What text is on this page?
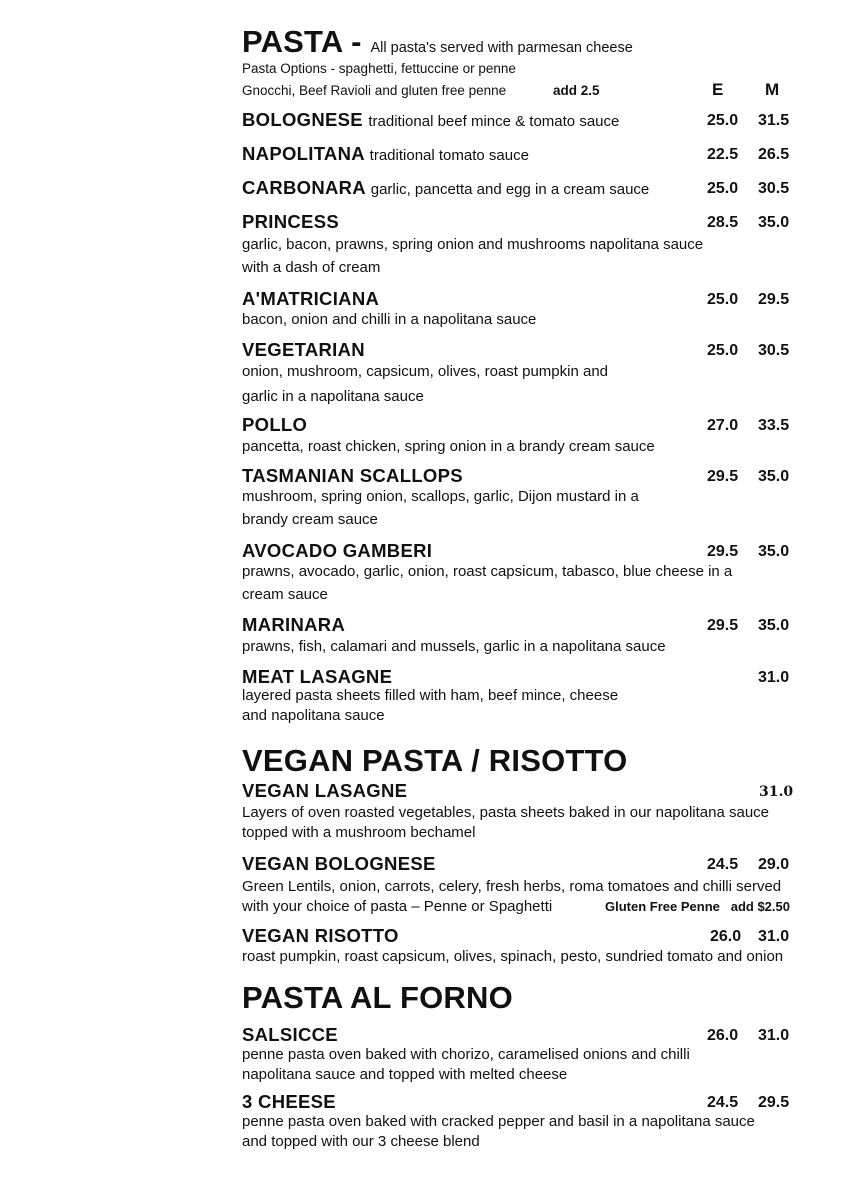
PASTA - All pasta's served with parmesan cheese
Pasta Options - spaghetti, fettuccine or penne
Gnocchi, Beef Ravioli and gluten free penne	add 2.5	E M
BOLOGNESE traditional beef mince & tomato sauce	25.0 31.5
NAPOLITANA traditional tomato sauce	22.5 26.5
CARBONARA garlic, pancetta and egg in a cream sauce	25.0 30.5
PRINCESS	28.5 35.0
garlic, bacon, prawns, spring onion and mushrooms napolitana sauce
with a dash of cream
A'MATRICIANA	25.0 29.5
bacon, onion and chilli in a napolitana sauce
VEGETARIAN	25.0 30.5
onion, mushroom, capsicum, olives, roast pumpkin and
garlic in a napolitana sauce
POLLO	27.0 33.5
pancetta, roast chicken, spring onion in a brandy cream sauce
TASMANIAN SCALLOPS	29.5 35.0
mushroom, spring onion, scallops, garlic, Dijon mustard in a
brandy cream sauce
AVOCADO GAMBERI	29.5 35.0
prawns, avocado, garlic, onion, roast capsicum, tabasco, blue cheese in a
cream sauce
MARINARA	29.5 35.0
prawns, fish, calamari and mussels, garlic in a napolitana sauce
MEAT LASAGNE	31.0
layered pasta sheets filled with ham, beef mince, cheese
and napolitana sauce
VEGAN PASTA / RISOTTO
VEGAN LASAGNE	31.0
Layers of oven roasted vegetables, pasta sheets baked in our napolitana sauce
topped with a mushroom bechamel
VEGAN BOLOGNESE	24.5 29.0
Green Lentils, onion, carrots, celery, fresh herbs, roma tomatoes and chilli served
with your choice of pasta – Penne or Spaghetti	Gluten Free Penne add $2.50
VEGAN RISOTTO	26.0 31.0
roast pumpkin, roast capsicum, olives, spinach, pesto, sundried tomato and onion
PASTA AL FORNO
SALSICCE	26.0 31.0
penne pasta oven baked with chorizo, caramelised onions and chilli
napolitana sauce and topped with melted cheese
3 CHEESE	24.5 29.5
penne pasta oven baked with cracked pepper and basil in a napolitana sauce
and topped with our 3 cheese blend
